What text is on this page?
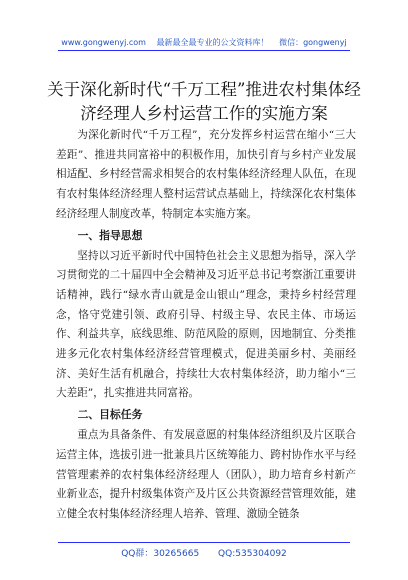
www.gongwenyj.com 最新最全最专业的公文资料库！ 微信：gongwenyj
关于深化新时代“千万工程”推进农村集体经
济经理人乡村运营工作的实施方案

为深化新时代“千万工程”，充分发挥乡村运营在缩小“三大差距”、推进共同富裕中的积极作用，加快引育与乡村产业发展相适配、乡村经营需求相契合的农村集体经济经理人队伍，在现有农村集体经济经理人整村运营试点基础上，持续深化农村集体经济经理人制度改革，特制定本实施方案。

一、指导思想

坚持以习近平新时代中国特色社会主义思想为指导，深入学习贯彻党的二十届四中全会精神及习近平总书记考察浙江重要讲话精神，践行“绿水青山就是金山银山”理念，秉持乡村经营理念，恪守党建引领、政府引导、村级主导、农民主体、市场运作、利益共享，底线思维、防范风险的原则，因地制宜、分类推进多元化农村集体经济经营管理模式，促进美丽乡村、美丽经济、美好生活有机融合，持续壮大农村集体经济，助力缩小“三大差距”，扎实推进共同富裕。

二、目标任务

重点为具备条件、有发展意愿的村集体经济组织及片区联合运营主体，选拔引进一批兼具片区统筹能力、跨村协作水平与经营管理素养的农村集体经济经理人（团队），助力培育乡村新产业新业态，提升村级集体资产及片区公共资源经营管理效能，建立健全农村集体经济经理人培养、管理、激励全链条

QQ群：30265665 QQ:535304092
